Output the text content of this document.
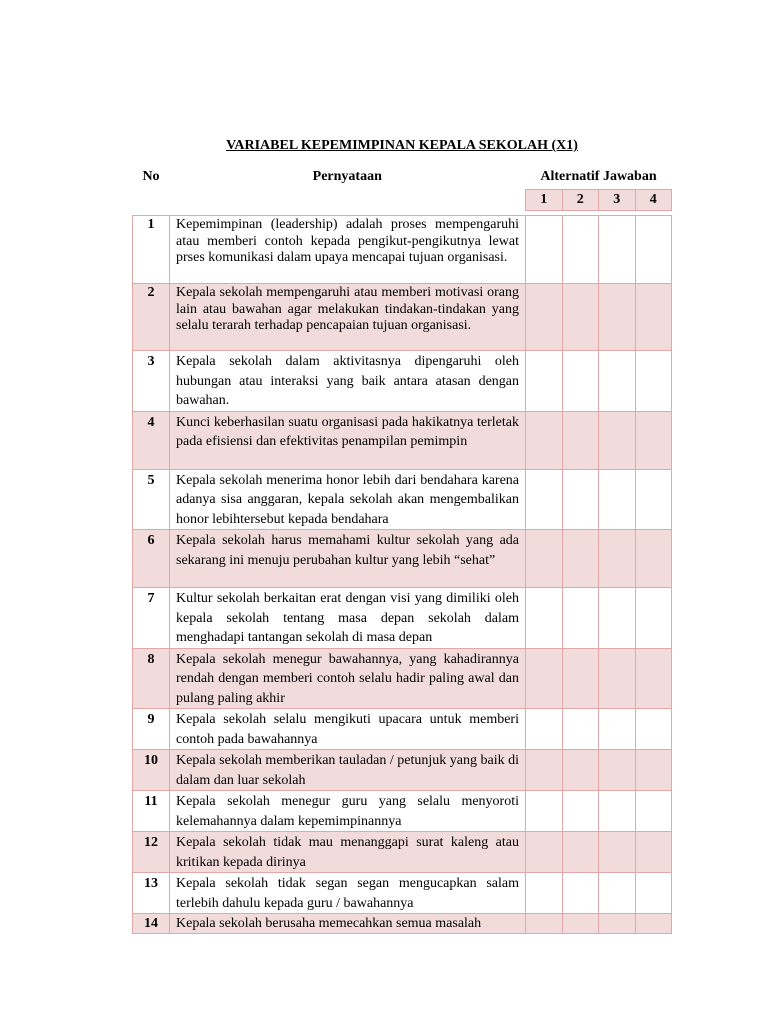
VARIABEL KEPEMIMPINAN KEPALA SEKOLAH (X1)
No	Pernyataan	Alternatif Jawaban			
		1	2	3	4

1	Kepemimpinan (leadership) adalah proses mempengaruhi atau memberi contoh kepada pengikut-pengikutnya lewat prses komunikasi dalam upaya mencapai tujuan organisasi.				
2	Kepala sekolah mempengaruhi atau memberi motivasi orang lain atau bawahan agar melakukan tindakan-tindakan yang selalu terarah terhadap pencapaian tujuan organisasi.				
3	Kepala sekolah dalam aktivitasnya dipengaruhi oleh hubungan atau interaksi yang baik antara atasan dengan bawahan.				
4	Kunci keberhasilan suatu organisasi pada hakikatnya terletak pada efisiensi dan efektivitas penampilan pemimpin				
5	Kepala sekolah menerima honor lebih dari bendahara karena adanya sisa anggaran, kepala sekolah akan mengembalikan honor lebihtersebut kepada bendahara				
6	Kepala sekolah harus memahami kultur sekolah yang ada sekarang ini menuju perubahan kultur yang lebih “sehat”				
7	Kultur sekolah berkaitan erat dengan visi yang dimiliki oleh kepala sekolah tentang masa depan sekolah dalam menghadapi tantangan sekolah di masa depan				
8	Kepala sekolah menegur bawahannya, yang kahadirannya rendah dengan memberi contoh selalu hadir paling awal dan pulang paling akhir				
9	Kepala sekolah selalu mengikuti upacara untuk memberi contoh pada bawahannya				
10	Kepala sekolah memberikan tauladan / petunjuk yang baik di dalam dan luar sekolah				
11	Kepala sekolah menegur guru yang selalu menyoroti kelemahannya dalam kepemimpinannya				
12	Kepala sekolah tidak mau menanggapi surat kaleng atau kritikan kepada dirinya				
13	Kepala sekolah tidak segan segan mengucapkan salam terlebih dahulu kepada guru / bawahannya				
14	Kepala sekolah berusaha memecahkan semua masalah				
